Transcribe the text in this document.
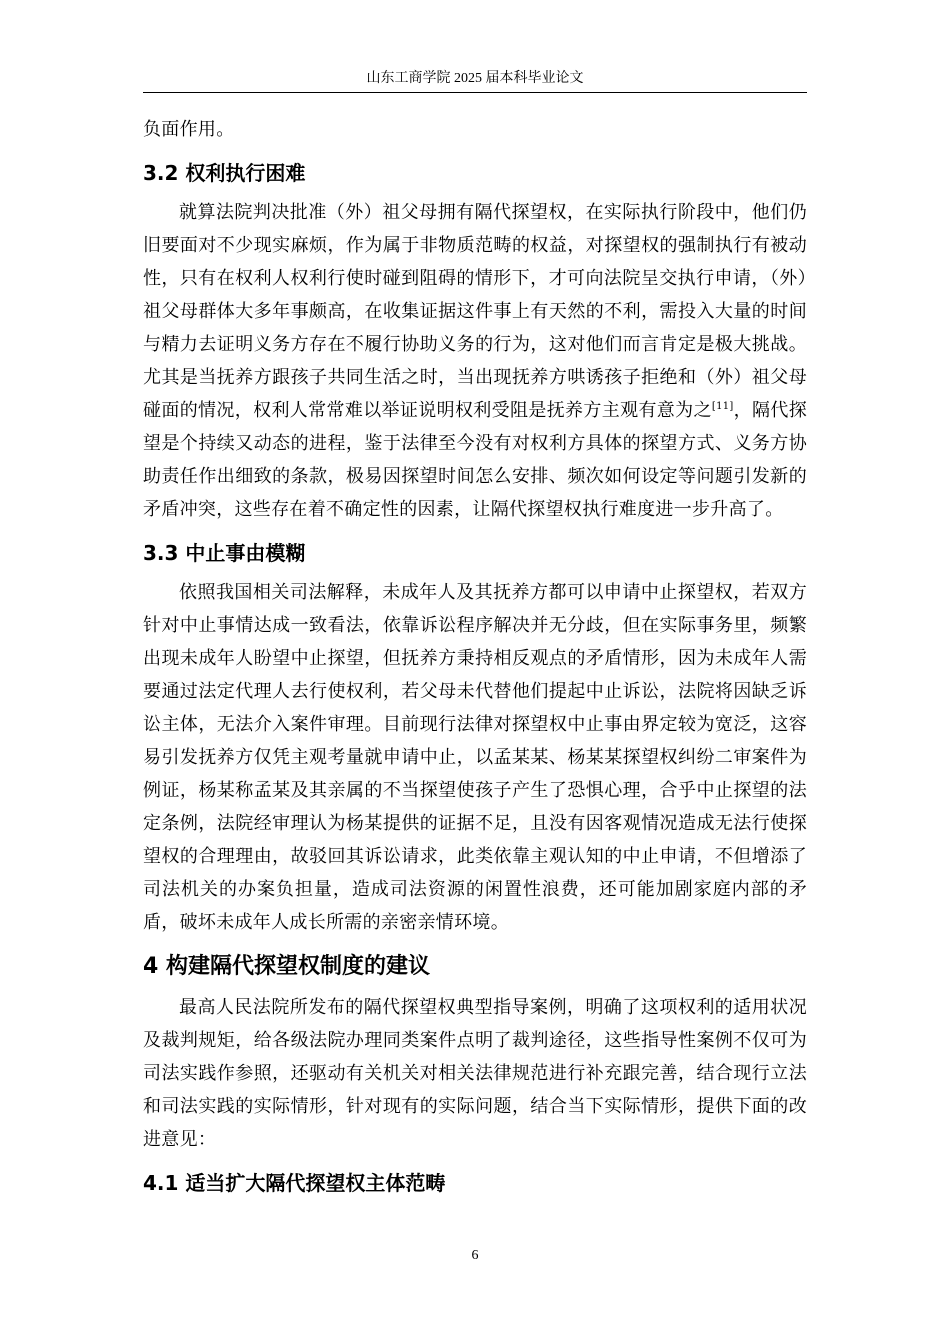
山东工商学院 2025 届本科毕业论文

负面作用。

3.2 权利执行困难

就算法院判决批准（外）祖父母拥有隔代探望权，在实际执行阶段中，他们仍旧要面对不少现实麻烦，作为属于非物质范畴的权益，对探望权的强制执行有被动性，只有在权利人权利行使时碰到阻碍的情形下，才可向法院呈交执行申请，（外）祖父母群体大多年事颇高，在收集证据这件事上有天然的不利，需投入大量的时间与精力去证明义务方存在不履行协助义务的行为，这对他们而言肯定是极大挑战。尤其是当抚养方跟孩子共同生活之时，当出现抚养方哄诱孩子拒绝和（外）祖父母碰面的情况，权利人常常难以举证说明权利受阻是抚养方主观有意为之[11]，隔代探望是个持续又动态的进程，鉴于法律至今没有对权利方具体的探望方式、义务方协助责任作出细致的条款，极易因探望时间怎么安排、频次如何设定等问题引发新的矛盾冲突，这些存在着不确定性的因素，让隔代探望权执行难度进一步升高了。

3.3 中止事由模糊

依照我国相关司法解释，未成年人及其抚养方都可以申请中止探望权，若双方针对中止事情达成一致看法，依靠诉讼程序解决并无分歧，但在实际事务里，频繁出现未成年人盼望中止探望，但抚养方秉持相反观点的矛盾情形，因为未成年人需要通过法定代理人去行使权利，若父母未代替他们提起中止诉讼，法院将因缺乏诉讼主体，无法介入案件审理。目前现行法律对探望权中止事由界定较为宽泛，这容易引发抚养方仅凭主观考量就申请中止，以孟某某、杨某某探望权纠纷二审案件为例证，杨某称孟某及其亲属的不当探望使孩子产生了恐惧心理，合乎中止探望的法定条例，法院经审理认为杨某提供的证据不足，且没有因客观情况造成无法行使探望权的合理理由，故驳回其诉讼请求，此类依靠主观认知的中止申请，不但增添了司法机关的办案负担量，造成司法资源的闲置性浪费，还可能加剧家庭内部的矛盾，破坏未成年人成长所需的亲密亲情环境。

4 构建隔代探望权制度的建议

最高人民法院所发布的隔代探望权典型指导案例，明确了这项权利的适用状况及裁判规矩，给各级法院办理同类案件点明了裁判途径，这些指导性案例不仅可为司法实践作参照，还驱动有关机关对相关法律规范进行补充跟完善，结合现行立法和司法实践的实际情形，针对现有的实际问题，结合当下实际情形，提供下面的改进意见：

4.1 适当扩大隔代探望权主体范畴
6
